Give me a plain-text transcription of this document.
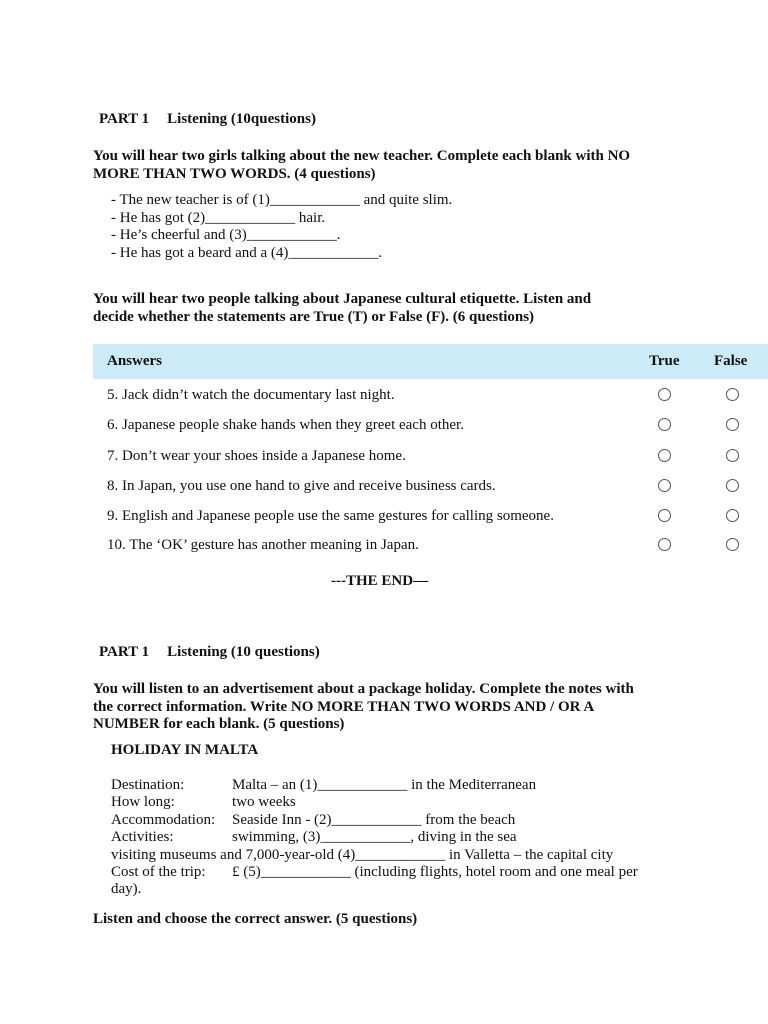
PART 1 Listening (10questions)
You will hear two girls talking about the new teacher. Complete each blank with NO
MORE THAN TWO WORDS. (4 questions)
- The new teacher is of (1)____________ and quite slim.
- He has got (2)____________ hair.
- He’s cheerful and (3)____________.
- He has got a beard and a (4)____________.
You will hear two people talking about Japanese cultural etiquette. Listen and
decide whether the statements are True (T) or False (F). (6 questions)
Answers	True False
5. Jack didn’t watch the documentary last night.
6. Japanese people shake hands when they greet each other.
7. Don’t wear your shoes inside a Japanese home.
8. In Japan, you use one hand to give and receive business cards.
9. English and Japanese people use the same gestures for calling someone.
10. The ‘OK’ gesture has another meaning in Japan.
---THE END—
PART 1 Listening (10 questions)
You will listen to an advertisement about a package holiday. Complete the notes with
the correct information. Write NO MORE THAN TWO WORDS AND / OR A
NUMBER for each blank. (5 questions)
HOLIDAY IN MALTA
Destination:	Malta – an (1)____________ in the Mediterranean
How long:	two weeks
Accommodation: Seaside Inn - (2)____________ from the beach
Activities:	swimming, (3)____________, diving in the sea
visiting museums and 7,000-year-old (4)____________ in Valletta – the capital city
Cost of the trip: £ (5)____________ (including flights, hotel room and one meal per
day).
Listen and choose the correct answer. (5 questions)
